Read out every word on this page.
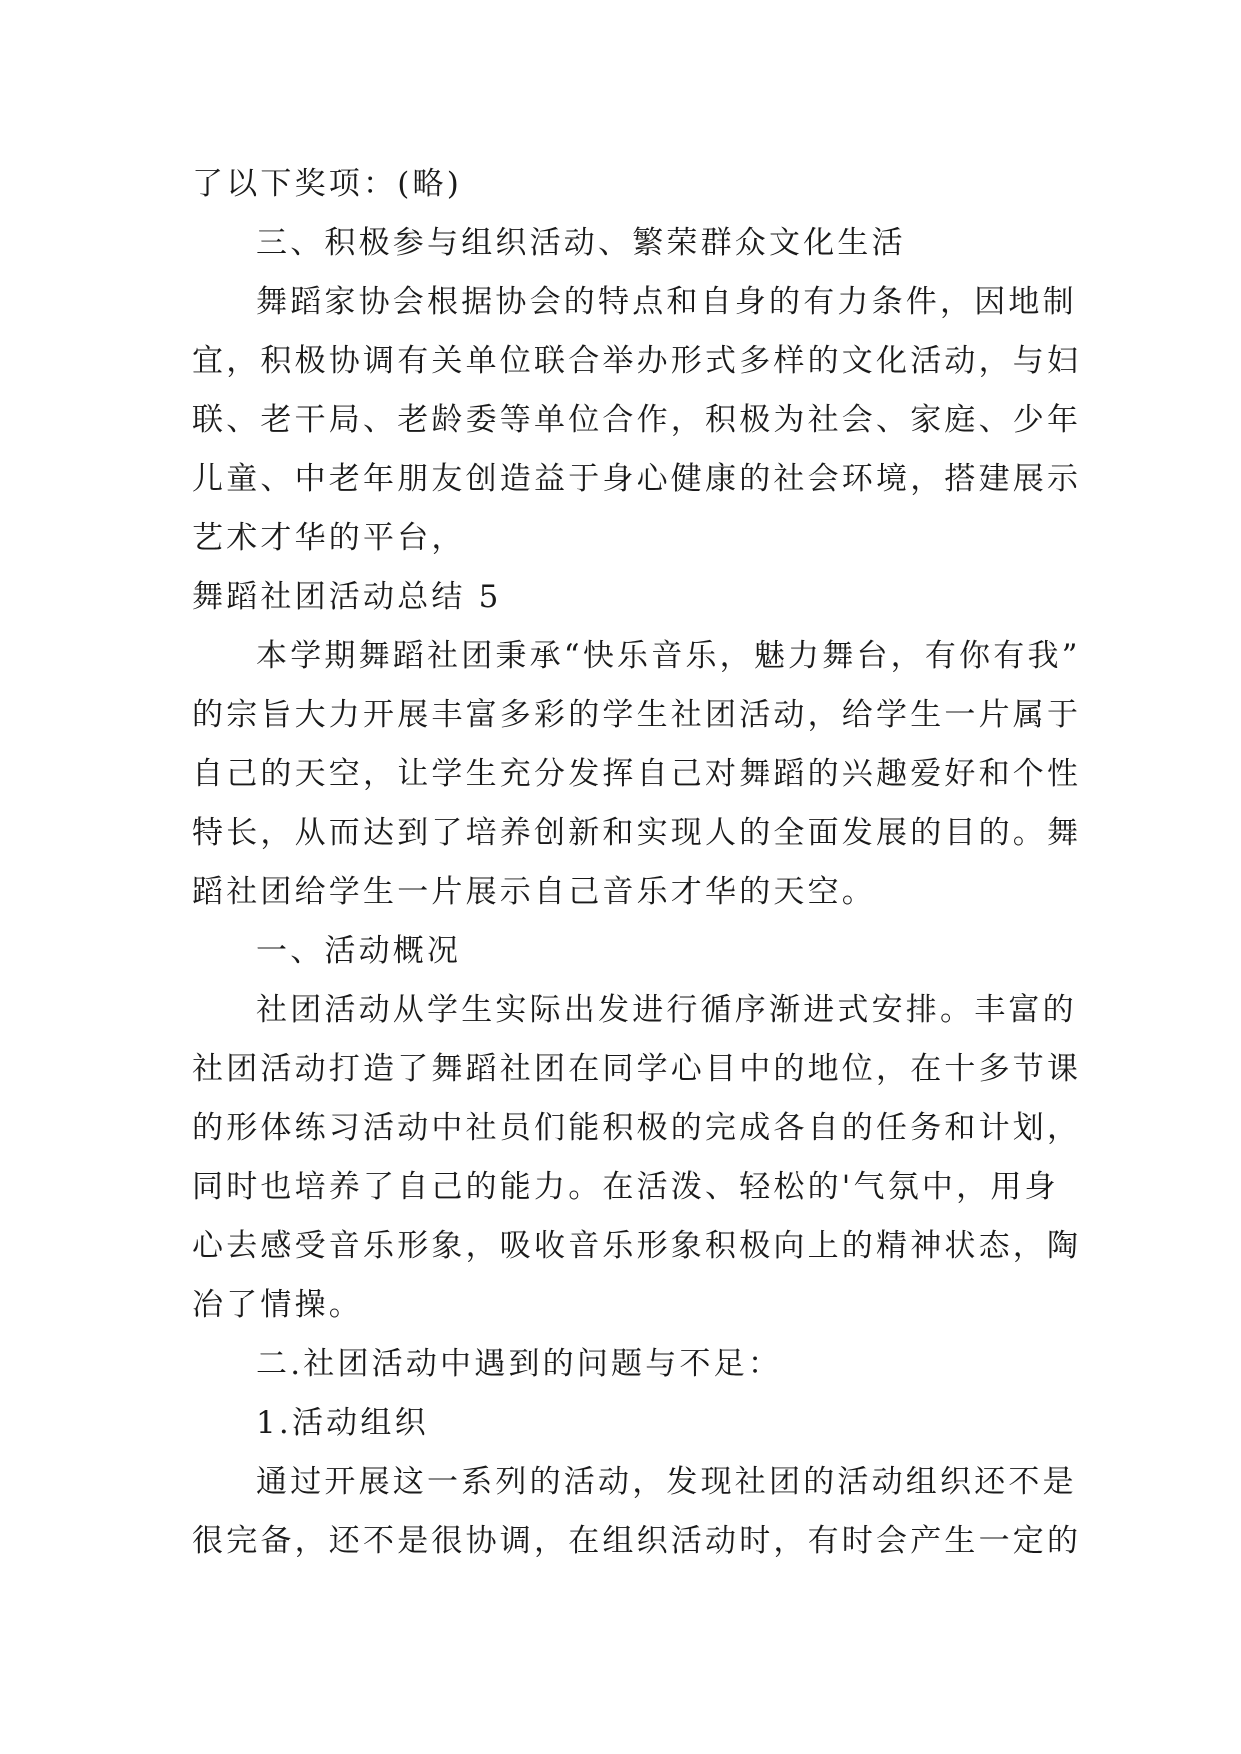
了以下奖项：(略)
三、积极参与组织活动、繁荣群众文化生活
舞蹈家协会根据协会的特点和自身的有力条件，因地制
宜，积极协调有关单位联合举办形式多样的文化活动，与妇
联、老干局、老龄委等单位合作，积极为社会、家庭、少年
儿童、中老年朋友创造益于身心健康的社会环境，搭建展示
艺术才华的平台，
舞蹈社团活动总结 5
本学期舞蹈社团秉承“快乐音乐，魅力舞台，有你有我”
的宗旨大力开展丰富多彩的学生社团活动，给学生一片属于
自己的天空，让学生充分发挥自己对舞蹈的兴趣爱好和个性
特长，从而达到了培养创新和实现人的全面发展的目的。舞
蹈社团给学生一片展示自己音乐才华的天空。
一、活动概况
社团活动从学生实际出发进行循序渐进式安排。丰富的
社团活动打造了舞蹈社团在同学心目中的地位，在十多节课
的形体练习活动中社员们能积极的完成各自的任务和计划，
同时也培养了自己的能力。在活泼、轻松的'气氛中，用身
心去感受音乐形象，吸收音乐形象积极向上的精神状态，陶
冶了情操。
二.社团活动中遇到的问题与不足：
1.活动组织
通过开展这一系列的活动，发现社团的活动组织还不是
很完备，还不是很协调，在组织活动时，有时会产生一定的
